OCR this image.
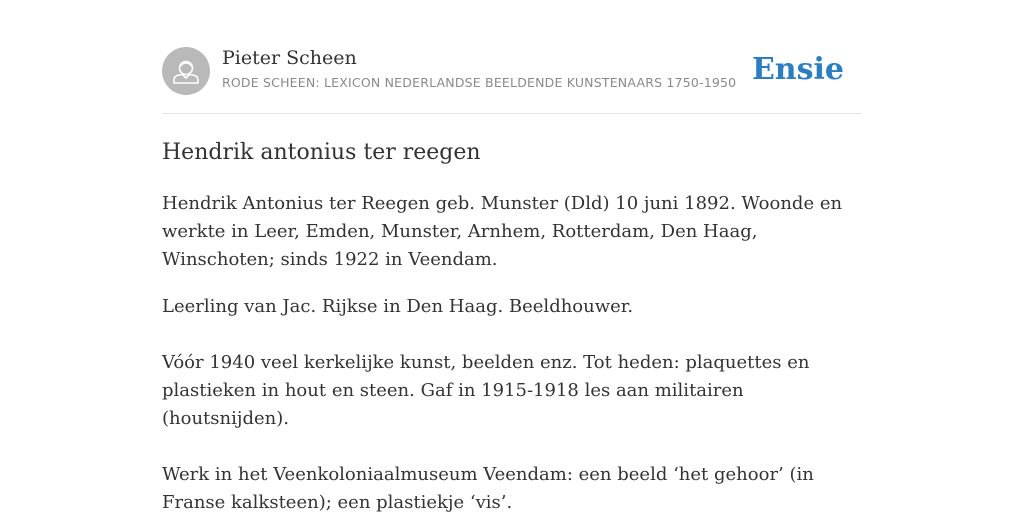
Pieter Scheen
RODE SCHEEN: LEXICON NEDERLANDSE BEELDENDE KUNSTENAARS 1750-1950 Ensie
Hendrik antonius ter reegen

Hendrik Antonius ter Reegen geb. Munster (Dld) 10 juni 1892. Woonde en werkte in Leer, Emden, Munster, Arnhem, Rotterdam, Den Haag, Winschoten; sinds 1922 in Veendam.

Leerling van Jac. Rijkse in Den Haag. Beeldhouwer.

Vóór 1940 veel kerkelijke kunst, beelden enz. Tot heden: plaquettes en plastieken in hout en steen. Gaf in 1915-1918 les aan militairen (houtsnijden).

Werk in het Veenkoloniaalmuseum Veendam: een beeld ‘het gehoor’ (in Franse kalksteen); een plastiekje ‘vis’.
